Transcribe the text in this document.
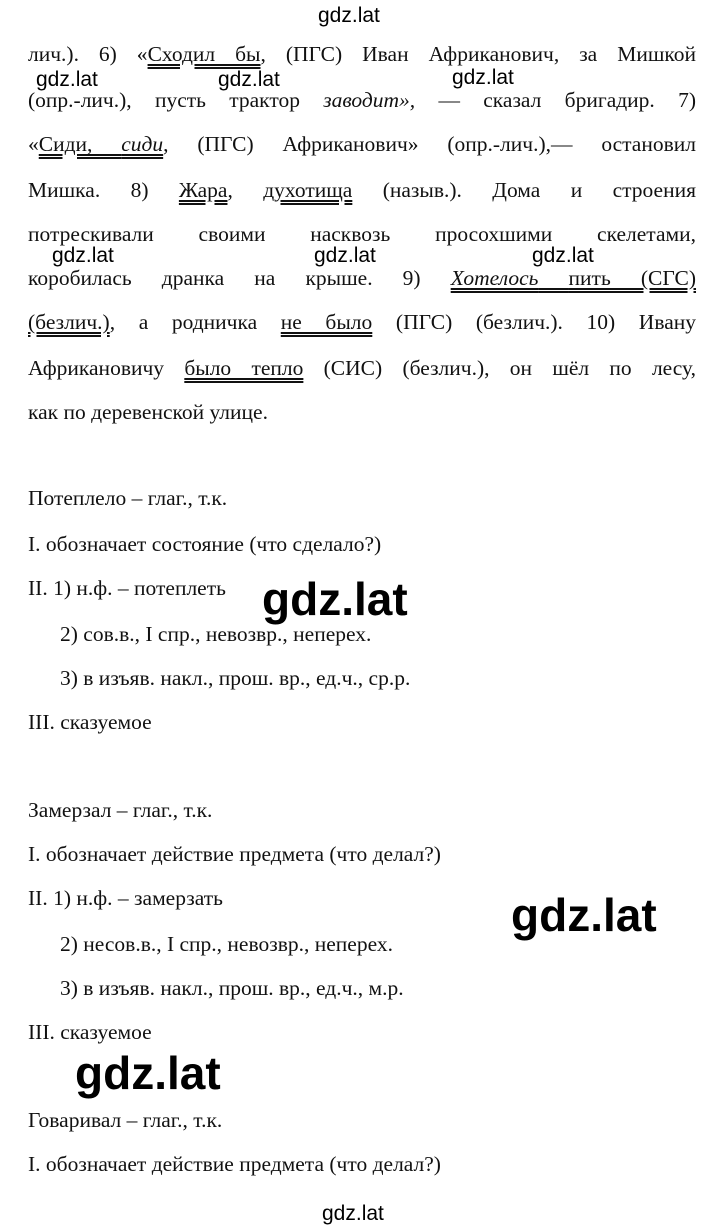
лич.). 6) «Сходил бы, (ПГС) Иван Африканович, за Мишкой
(опр.-лич.), пусть трактор заводит», — сказал бригадир. 7)
«Сиди, сиди, (ПГС) Африканович» (опр.-лич.),— остановил
Мишка. 8) Жара, духотища (назыв.). Дома и строения
потрескивали своими насквозь просохшими скелетами,
коробилась дранка на крыше. 9) Хотелось пить (СГС)
(безлич.), а родничка не было (ПГС) (безлич.). 10) Ивану
Африкановичу было тепло (СИС) (безлич.), он шёл по лесу,
как по деревенской улице.
Потеплело – глаг., т.к.
I. обозначает состояние (что сделало?)
II. 1) н.ф. – потеплеть
2) сов.в., I спр., невозвр., неперех.
3) в изъяв. накл., прош. вр., ед.ч., ср.р.
III. сказуемое
Замерзал – глаг., т.к.
I. обозначает действие предмета (что делал?)
II. 1) н.ф. – замерзать
2) несов.в., I спр., невозвр., неперех.
3) в изъяв. накл., прош. вр., ед.ч., м.р.
III. сказуемое
Говаривал – глаг., т.к.
I. обозначает действие предмета (что делал?)
gdz.lat
gdz.lat	gdz.lat	gdz.lat
gdz.lat	gdz.lat	gdz.lat
gdz.lat
gdz.lat
gdz.lat
gdz.lat
